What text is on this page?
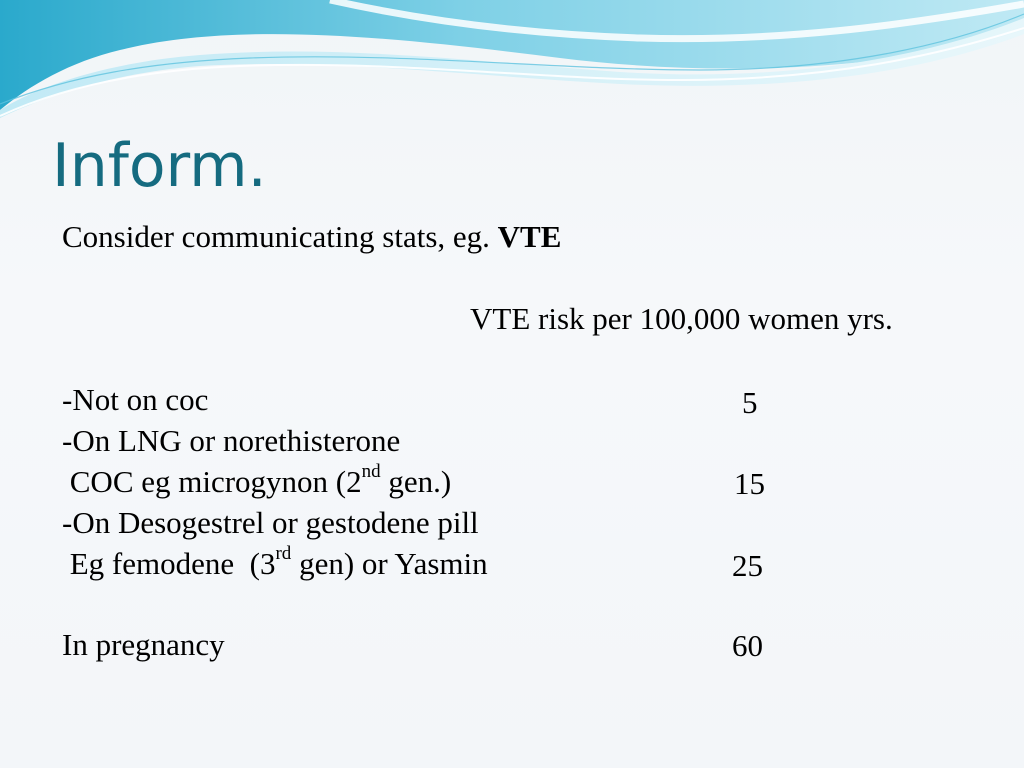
Inform.

Consider communicating stats, eg. VTE

VTE risk per 100,000 women yrs.

-Not on coc	5

-On LNG or norethisterone

COC eg microgynon (2nd gen.)	15

-On Desogestrel or gestodene pill

Eg femodene  (3rd gen) or Yasmin	25

In pregnancy	60
